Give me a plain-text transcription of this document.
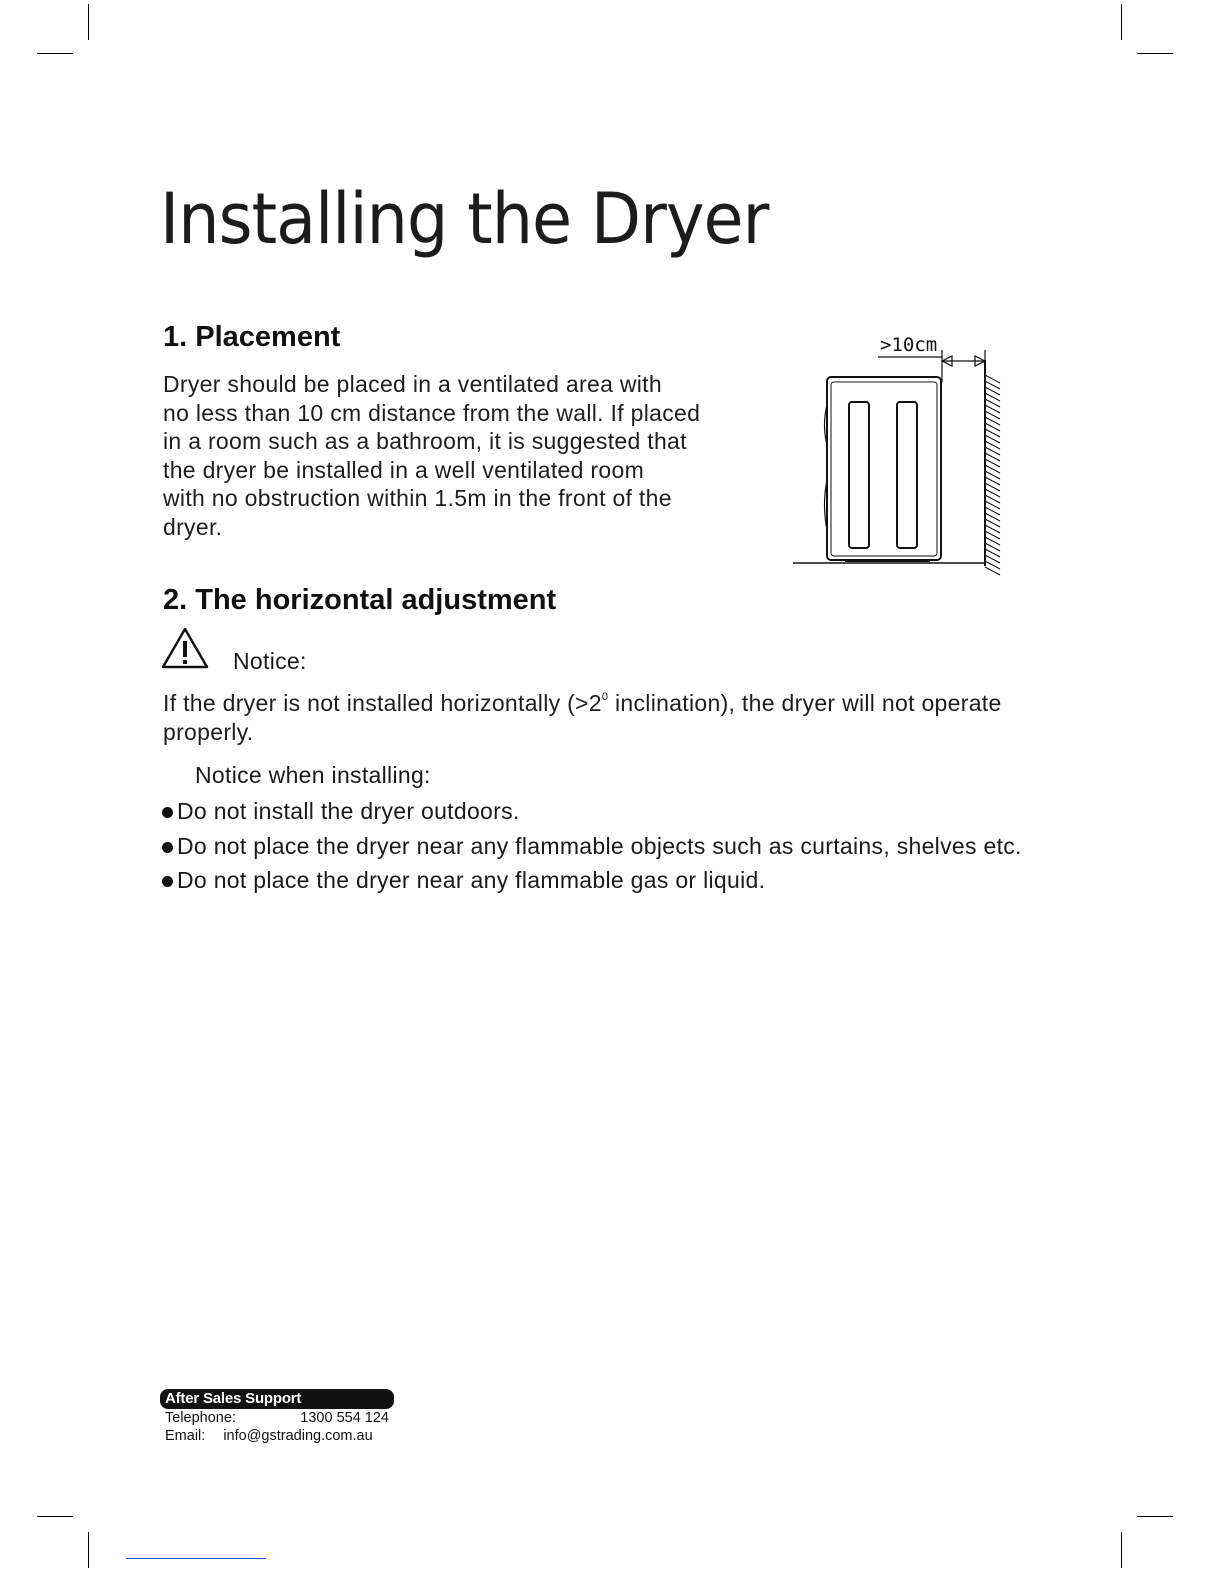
Installing the Dryer
1. Placement
Dryer should be placed in a ventilated area with
no less than 10 cm distance from the wall. If placed
in a room such as a bathroom, it is suggested that
the dryer be installed in a well ventilated room
with no obstruction within 1.5m in the front of the
dryer.
>10cm
2. The horizontal adjustment
Notice:
If the dryer is not installed horizontally ($>2^0$ inclination), the dryer will not operate properly.
Notice when installing:
Do not install the dryer outdoors.
Do not place the dryer near any flammable objects such as curtains, shelves etc.
Do not place the dryer near any flammable gas or liquid.
After Sales Support
Telephone:	1300 554 124
Email: info@gstrading.com.au
